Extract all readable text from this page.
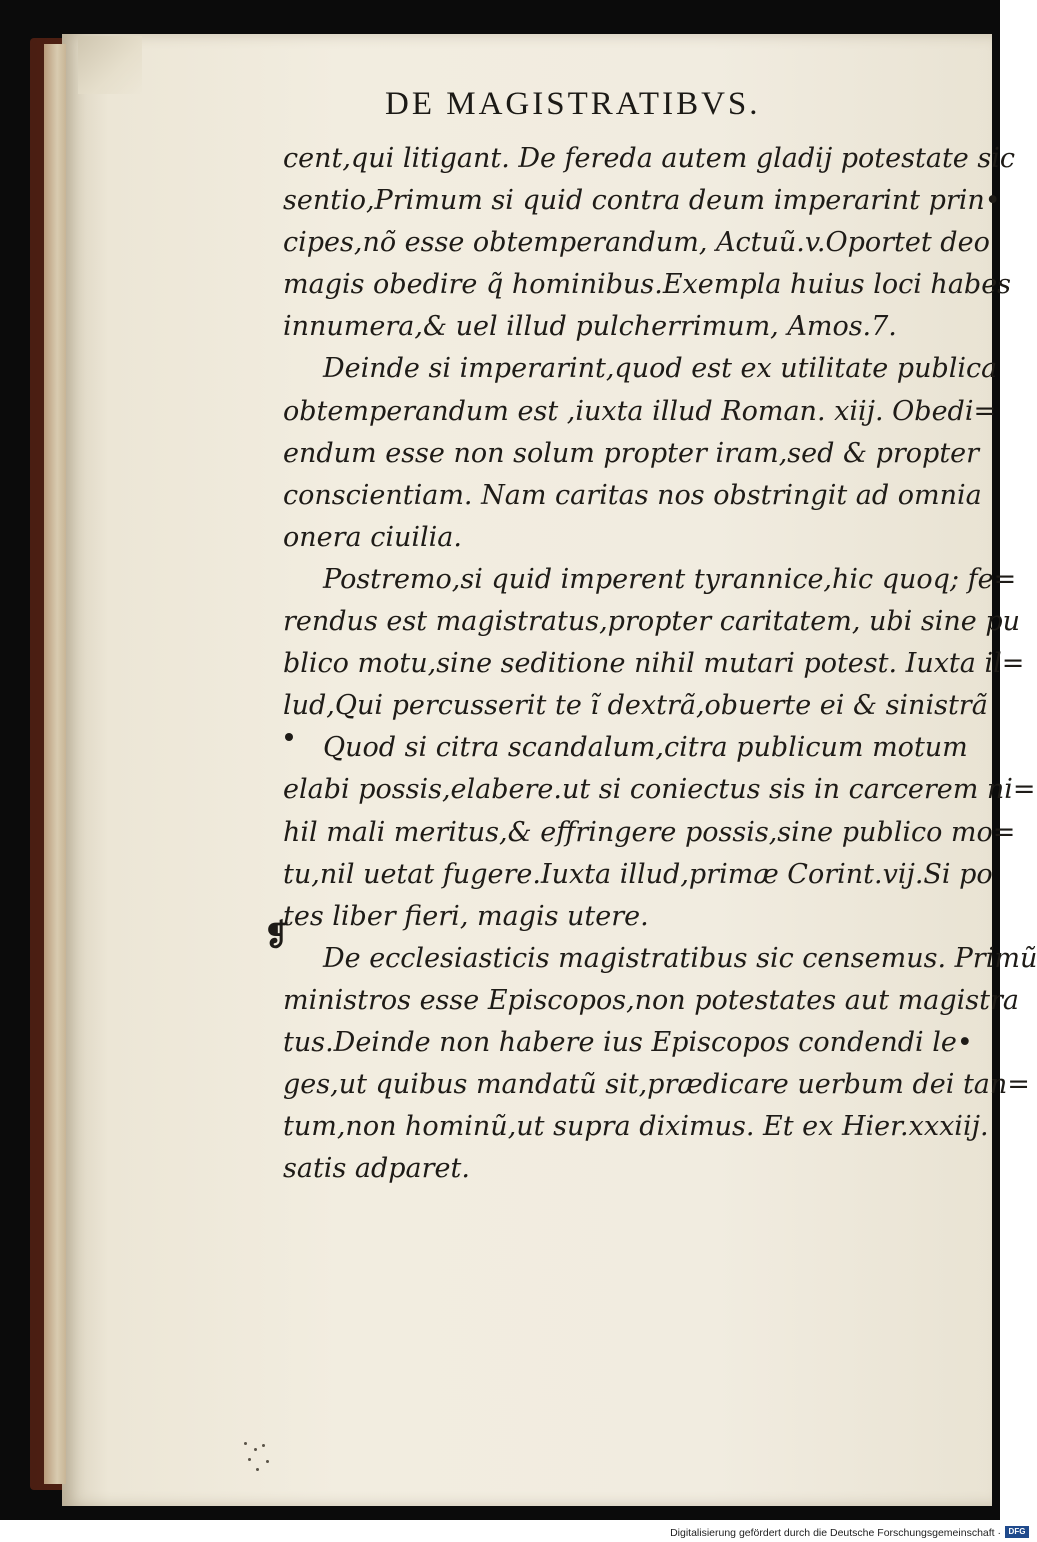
DE MAGISTRATIBVS.
cent,qui litigant. De fereda autem gladij potestate sic
sentio,Primum si quid contra deum imperarint prin•
cipes,nõ esse obtemperandum, Actuũ.v.Oportet deo
magis obedire q̃ hominibus.Exempla huius loci habes
innumera,& uel illud pulcherrimum, Amos.7.
Deinde si imperarint,quod est ex utilitate publica
obtemperandum est ,iuxta illud Roman. xiij. Obedi=
endum esse non solum propter iram,sed & propter
conscientiam. Nam caritas nos obstringit ad omnia
onera ciuilia.
Postremo,si quid imperent tyrannice,hic quoq; fe=
rendus est magistratus,propter caritatem, ubi sine pu
blico motu,sine seditione nihil mutari potest. Iuxta il=
lud,Qui percusserit te ĩ dextrã,obuerte ei & sinistrã
Quod si citra scandalum,citra publicum motum
elabi possis,elabere.ut si coniectus sis in carcerem ni=
hil mali meritus,& effringere possis,sine publico mo=
tu,nil uetat fugere.Iuxta illud,primæ Corint.vij.Si po
tes liber fieri, magis utere.
De ecclesiasticis magistratibus sic censemus. Primũ
ministros esse Episcopos,non potestates aut magistra
tus.Deinde non habere ius Episcopos condendi le•
ges,ut quibus mandatũ sit,prædicare uerbum dei tan=
tum,non hominũ,ut supra diximus. Et ex Hier.xxxiij.
satis adparet.
❡
Digitalisierung gefördert durch die Deutsche Forschungsgemeinschaft · DFG
